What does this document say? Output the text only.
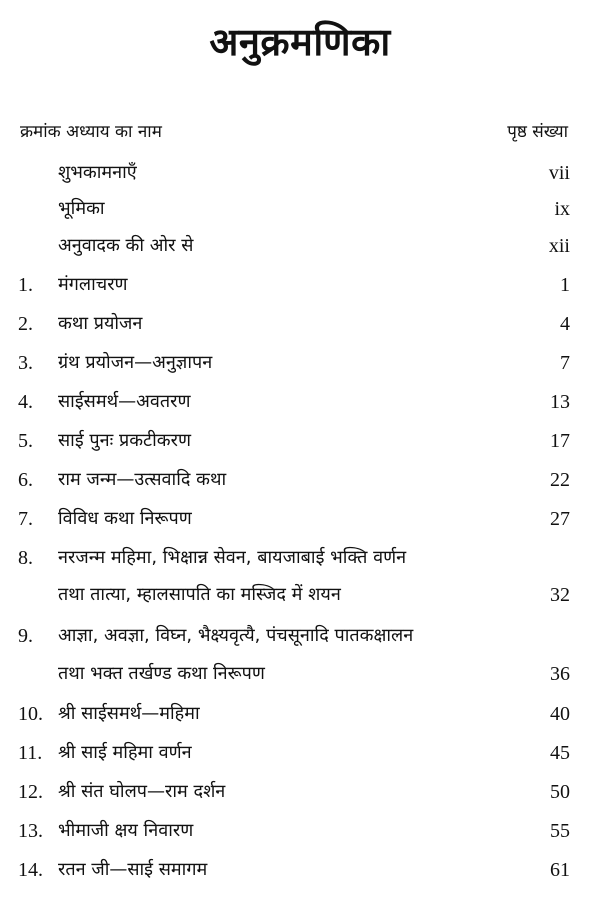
अनुक्रमणिका
क्रमांक अध्याय का नाम	पृष्ठ संख्या
शुभकामनाएँ	vii
भूमिका	ix
अनुवादक की ओर से	xii
1.	मंगलाचरण	1
2.	कथा प्रयोजन	4
3.	ग्रंथ प्रयोजन—अनुज्ञापन	7
4.	साईसमर्थ—अवतरण	13
5.	साई पुनः प्रकटीकरण	17
6.	राम जन्म—उत्सवादि कथा	22
7.	विविध कथा निरूपण	27
8.	नरजन्म महिमा, भिक्षान्न सेवन, बायजाबाई भक्ति वर्णन
तथा तात्या, म्हालसापति का मस्जिद में शयन	32
9.	आज्ञा, अवज्ञा, विघ्न, भैक्ष्यवृत्यै, पंचसूनादि पातकक्षालन
तथा भक्त तर्खण्ड कथा निरूपण	36
10. श्री साईसमर्थ—महिमा	40
11. श्री साई महिमा वर्णन	45
12. श्री संत घोलप—राम दर्शन	50
13. भीमाजी क्षय निवारण	55
14. रतन जी—साई समागम	61
